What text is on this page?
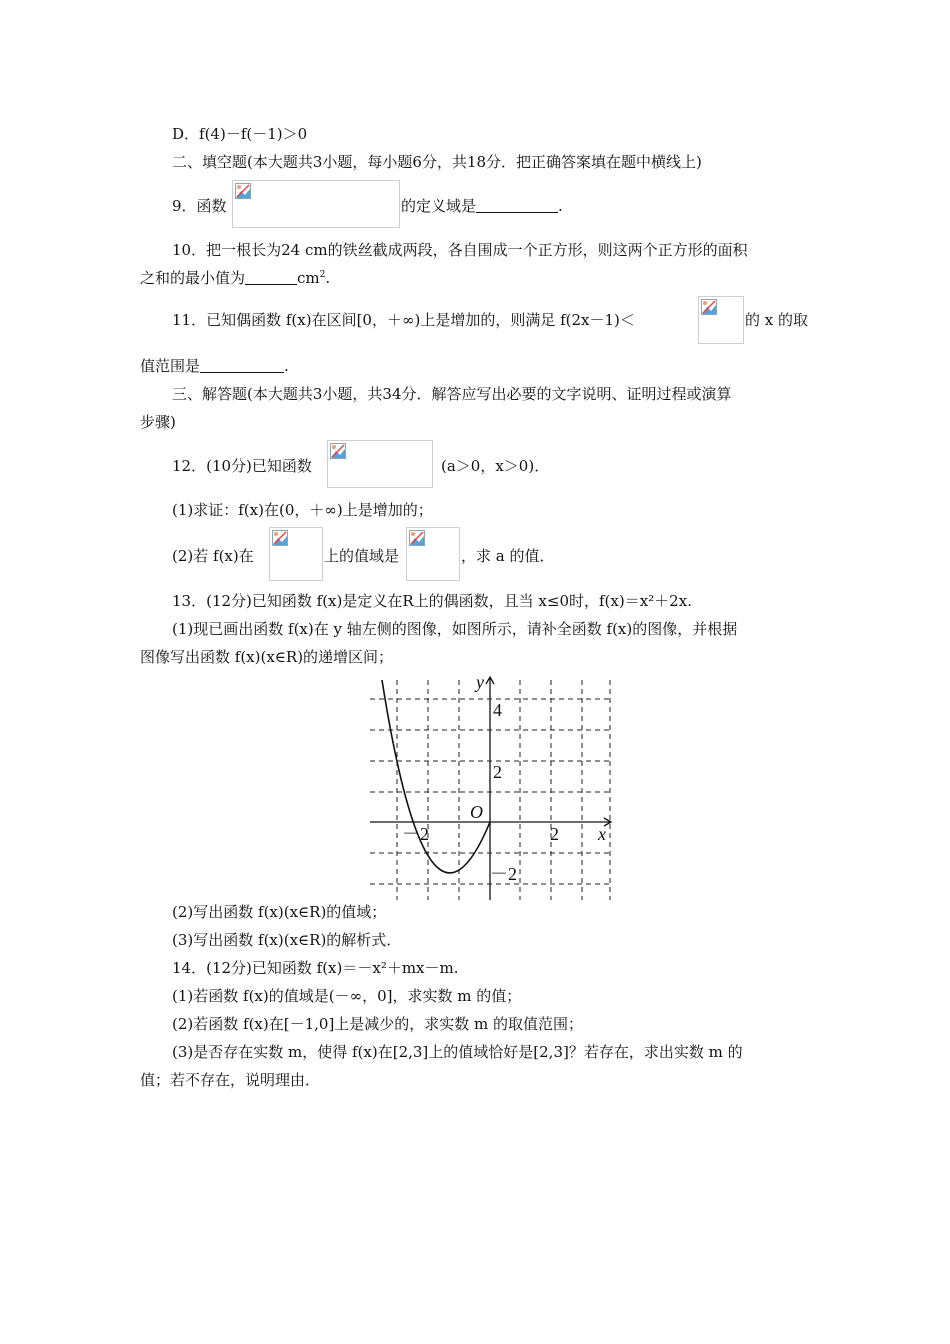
D．f(4)－f(－1)＞0
二、填空题(本大题共3小题，每小题6分，共18分．把正确答案填在题中横线上)
9．函数	的定义域是	.
10．把一根长为24 cm的铁丝截成两段，各自围成一个正方形，则这两个正方形的面积
之和的最小值为	$cm^2$.
11．已知偶函数 f(x)在区间[0，＋∞)上是增加的，则满足 f(2x－1)＜	的 x 的取
值范围是	.
三、解答题(本大题共3小题，共34分．解答应写出必要的文字说明、证明过程或演算
步骤)
12．(10分)已知函数	(a＞0，x＞0)．
(1)求证：f(x)在(0，＋∞)上是增加的；
(2)若 f(x)在	上的值域是	，求 a 的值．
13．(12分)已知函数 f(x)是定义在R上的偶函数，且当 x≤0时，f(x)＝x²＋2x.
(1)现已画出函数 f(x)在 y 轴左侧的图像，如图所示，请补全函数 f(x)的图像，并根据
图像写出函数 f(x)(x∈R)的递增区间；
y
x
O
4
2
－2
－2	2
(2)写出函数 f(x)(x∈R)的值域；
(3)写出函数 f(x)(x∈R)的解析式．
14．(12分)已知函数 f(x)＝－x²＋mx－m.
(1)若函数 f(x)的值域是(－∞，0]，求实数 m 的值；
(2)若函数 f(x)在[－1,0]上是减少的，求实数 m 的取值范围；
(3)是否存在实数 m，使得 f(x)在[2,3]上的值域恰好是[2,3]？若存在，求出实数 m 的
值；若不存在，说明理由．
